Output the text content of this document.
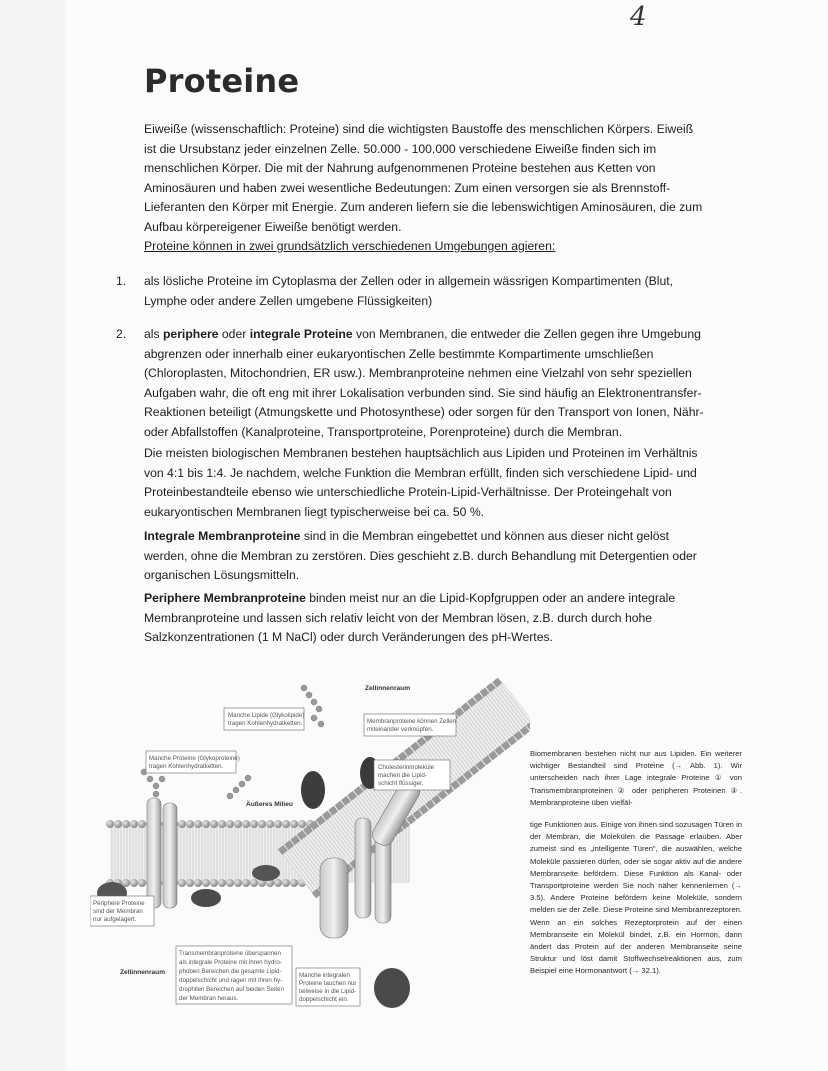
4
Proteine

Eiweiße (wissenschaftlich: Proteine) sind die wichtigsten Baustoffe des menschlichen Körpers. Eiweiß ist die Ursubstanz jeder einzelnen Zelle. 50.000 - 100.000 verschiedene Eiweiße finden sich im menschlichen Körper. Die mit der Nahrung aufgenommenen Proteine bestehen aus Ketten von Aminosäuren und haben zwei wesentliche Bedeutungen: Zum einen versorgen sie als Brennstoff-Lieferanten den Körper mit Energie. Zum anderen liefern sie die lebenswichtigen Aminosäuren, die zum Aufbau körpereigener Eiweiße benötigt werden.
Proteine können in zwei grundsätzlich verschiedenen Umgebungen agieren:

1.	als lösliche Proteine im Cytoplasma der Zellen oder in allgemein wässrigen Kompartimenten (Blut, Lymphe oder andere Zellen umgebene Flüssigkeiten)
2.	als periphere oder integrale Proteine von Membranen, die entweder die Zellen gegen ihre Umgebung abgrenzen oder innerhalb einer eukaryontischen Zelle bestimmte Kompartimente umschließen (Chloroplasten, Mitochondrien, ER usw.). Membranproteine nehmen eine Vielzahl von sehr speziellen Aufgaben wahr, die oft eng mit ihrer Lokalisation verbunden sind. Sie sind häufig an Elektronentransfer-Reaktionen beteiligt (Atmungskette und Photosynthese) oder sorgen für den Transport von Ionen, Nähr- oder Abfallstoffen (Kanalproteine, Transportproteine, Porenproteine) durch die Membran.

Die meisten biologischen Membranen bestehen hauptsächlich aus Lipiden und Proteinen im Verhältnis von 4:1 bis 1:4. Je nachdem, welche Funktion die Membran erfüllt, finden sich verschiedene Lipid- und Proteinbestandteile ebenso wie unterschiedliche Protein-Lipid-Verhältnisse. Der Proteingehalt von eukaryontischen Membranen liegt typischerweise bei ca. 50 %.

Integrale Membranproteine sind in die Membran eingebettet und können aus dieser nicht gelöst werden, ohne die Membran zu zerstören. Dies geschieht z.B. durch Behandlung mit Detergentien oder organischen Lösungsmitteln.

Periphere Membranproteine binden meist nur an die Lipid-Kopfgruppen oder an andere integrale Membranproteine und lassen sich relativ leicht von der Membran lösen, z.B. durch durch hohe Salzkonzentrationen (1 M NaCl) oder durch Veränderungen des pH-Wertes.

Zellinnenraum
Äußeres Milieu
Zellinnenraum
Manche Lipide (Glykolipide)
tragen Kohlenhydratketten.
Manche Proteine (Glykoproteine)
tragen Kohlenhydratketten.
Membranproteine können Zellen
miteinander verknüpfen.
Cholesterinmoleküle
machen die Lipid-
schicht flüssiger.
Periphere Proteine
sind der Membran
nur aufgelagert.
Transmembranproteine überspannen
als integrale Proteine mit ihren hydro-
phoben Bereichen die gesamte Lipid-
doppelschicht und ragen mit ihren hy-
drophilen Bereichen auf beiden Seiten
der Membran heraus.
Manche integralen
Proteine tauchen nur
teilweise in die Lipid-
doppelschicht ein.

Biomembranen bestehen nicht nur aus Lipiden. Ein weiterer wichtiger Bestandteil sind Proteine (→ Abb. 1). Wir unterscheiden nach ihrer Lage integrale Proteine ① von Transmembranproteinen ② oder peripheren Proteinen ③. Membranproteine üben vielfäl-

tige Funktionen aus. Einige von ihnen sind sozusagen Türen in der Membran, die Molekülen die Passage erlauben. Aber zumeist sind es „intelligente Türen“, die auswählen, welche Moleküle passieren dürfen, oder sie sogar aktiv auf die andere Membranseite befördern. Diese Funktion als Kanal- oder Transportproteine werden Sie noch näher kennenlernen (→ 3.5). Andere Proteine befördern keine Moleküle, sondern melden sie der Zelle. Diese Proteine sind Membranrezeptoren. Wenn an ein solches Rezeptorprotein auf der einen Membranseite ein Molekül bindet, z.B. ein Hormon, dann ändert das Protein auf der anderen Membranseite seine Struktur und löst damit Stoffwechselreaktionen aus, zum Beispiel eine Hormonantwort (→ 32.1).
